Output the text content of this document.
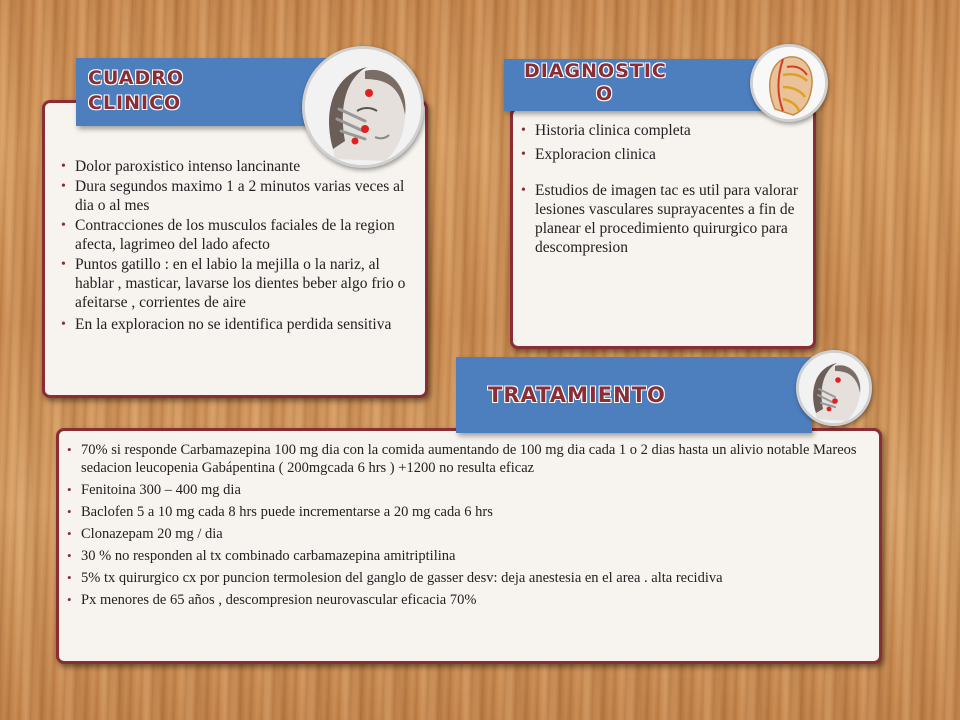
• Dolor paroxistico intenso lancinante
• Dura segundos maximo 1 a 2 minutos varias veces al dia o al mes
• Contracciones de los musculos faciales de la region afecta, lagrimeo del lado afecto
• Puntos gatillo : en el labio la mejilla o la nariz, al hablar , masticar, lavarse los dientes beber algo frio o afeitarse , corrientes de aire
• En la exploracion no se identifica perdida sensitiva
CUADRO
CLINICO
• Historia clinica completa
• Exploracion clinica
• Estudios de imagen tac es util para valorar lesiones vasculares suprayacentes a fin de planear el procedimiento quirurgico para descompresion
DIAGNOSTIC
O
• 70% si responde Carbamazepina 100 mg dia con la comida aumentando de 100 mg dia cada 1 o 2 dias hasta un alivio notable Mareos sedacion leucopenia Gabápentina ( 200mgcada 6 hrs ) +1200 no resulta eficaz
• Fenitoina 300 – 400 mg dia
• Baclofen 5 a 10 mg cada 8 hrs puede incrementarse a 20 mg cada 6 hrs
• Clonazepam 20 mg / dia
• 30 % no responden al tx combinado carbamazepina amitriptilina
• 5% tx quirurgico cx por puncion termolesion del ganglo de gasser desv: deja anestesia en el area . alta recidiva
• Px menores de 65 años , descompresion neurovascular eficacia 70%
TRATAMIENTO
